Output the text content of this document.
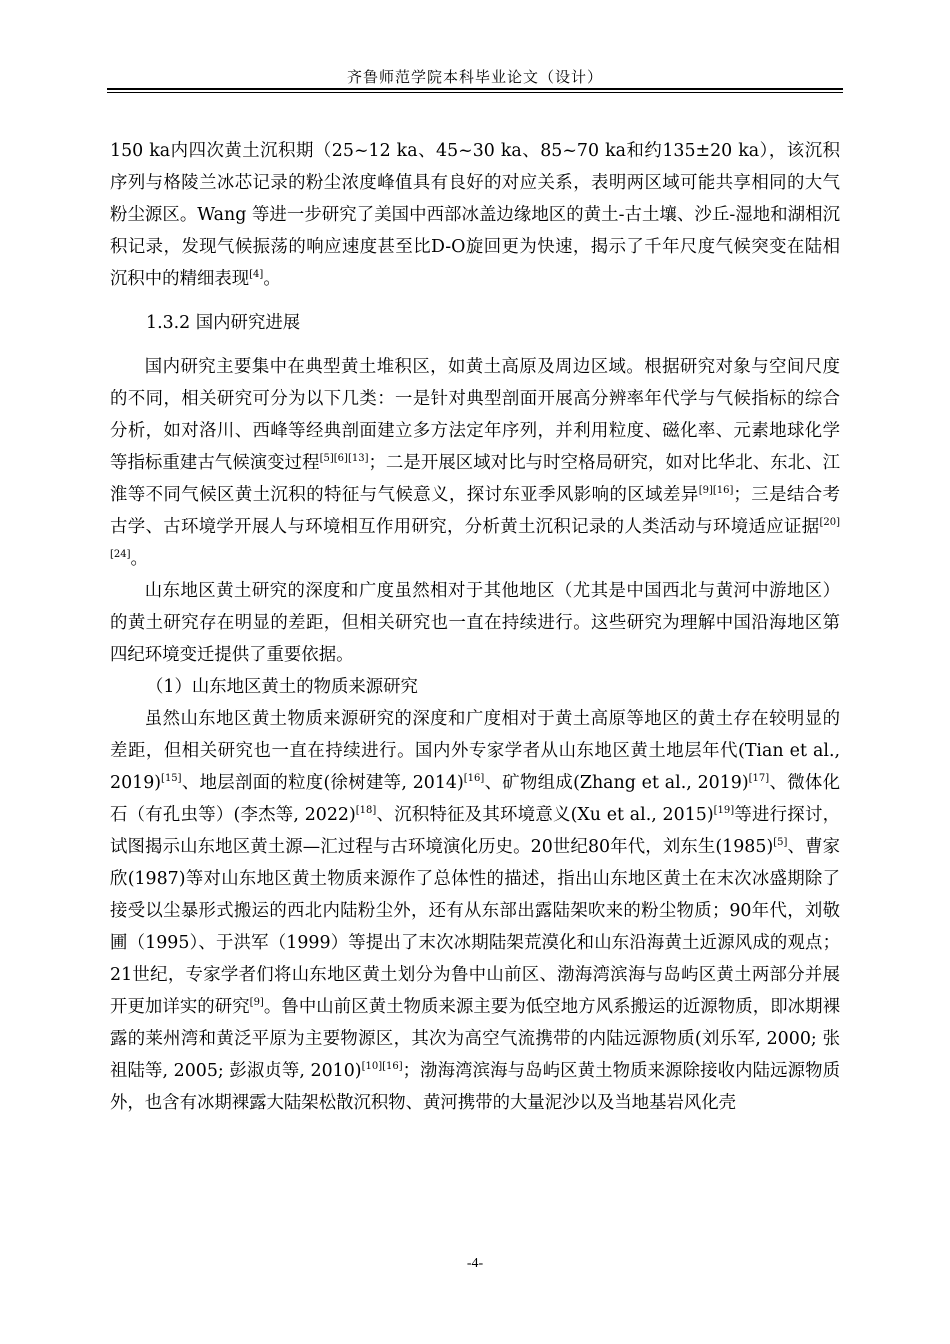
齐鲁师范学院本科毕业论文（设计）

150 ka内四次黄土沉积期（25~12 ka、45~30 ka、85~70 ka和约135±20 ka），该沉积序列与格陵兰冰芯记录的粉尘浓度峰值具有良好的对应关系，表明两区域可能共享相同的大气粉尘源区。Wang 等进一步研究了美国中西部冰盖边缘地区的黄土-古土壤、沙丘-湿地和湖相沉积记录，发现气候振荡的响应速度甚至比D-O旋回更为快速，揭示了千年尺度气候突变在陆相沉积中的精细表现[4]。

1.3.2 国内研究进展

国内研究主要集中在典型黄土堆积区，如黄土高原及周边区域。根据研究对象与空间尺度的不同，相关研究可分为以下几类：一是针对典型剖面开展高分辨率年代学与气候指标的综合分析，如对洛川、西峰等经典剖面建立多方法定年序列，并利用粒度、磁化率、元素地球化学等指标重建古气候演变过程[5][6][13]；二是开展区域对比与时空格局研究，如对比华北、东北、江淮等不同气候区黄土沉积的特征与气候意义，探讨东亚季风影响的区域差异[9][16]；三是结合考古学、古环境学开展人与环境相互作用研究，分析黄土沉积记录的人类活动与环境适应证据[20][24]。

山东地区黄土研究的深度和广度虽然相对于其他地区（尤其是中国西北与黄河中游地区）的黄土研究存在明显的差距，但相关研究也一直在持续进行。这些研究为理解中国沿海地区第四纪环境变迁提供了重要依据。

（1）山东地区黄土的物质来源研究

虽然山东地区黄土物质来源研究的深度和广度相对于黄土高原等地区的黄土存在较明显的差距，但相关研究也一直在持续进行。国内外专家学者从山东地区黄土地层年代(Tian et al., 2019)[15]、地层剖面的粒度(徐树建等, 2014)[16]、矿物组成(Zhang et al., 2019)[17]、微体化石（有孔虫等）(李杰等, 2022)[18]、沉积特征及其环境意义(Xu et al., 2015)[19]等进行探讨，试图揭示山东地区黄土源—汇过程与古环境演化历史。20世纪80年代，刘东生(1985)[5]、曹家欣(1987)等对山东地区黄土物质来源作了总体性的描述，指出山东地区黄土在末次冰盛期除了接受以尘暴形式搬运的西北内陆粉尘外，还有从东部出露陆架吹来的粉尘物质；90年代，刘敬圃（1995）、于洪军（1999）等提出了末次冰期陆架荒漠化和山东沿海黄土近源风成的观点；21世纪，专家学者们将山东地区黄土划分为鲁中山前区、渤海湾滨海与岛屿区黄土两部分并展开更加详实的研究[9]。鲁中山前区黄土物质来源主要为低空地方风系搬运的近源物质，即冰期裸露的莱州湾和黄泛平原为主要物源区，其次为高空气流携带的内陆远源物质(刘乐军, 2000; 张祖陆等, 2005; 彭淑贞等, 2010)[10][16]；渤海湾滨海与岛屿区黄土物质来源除接收内陆远源物质外，也含有冰期裸露大陆架松散沉积物、黄河携带的大量泥沙以及当地基岩风化壳

-4-
